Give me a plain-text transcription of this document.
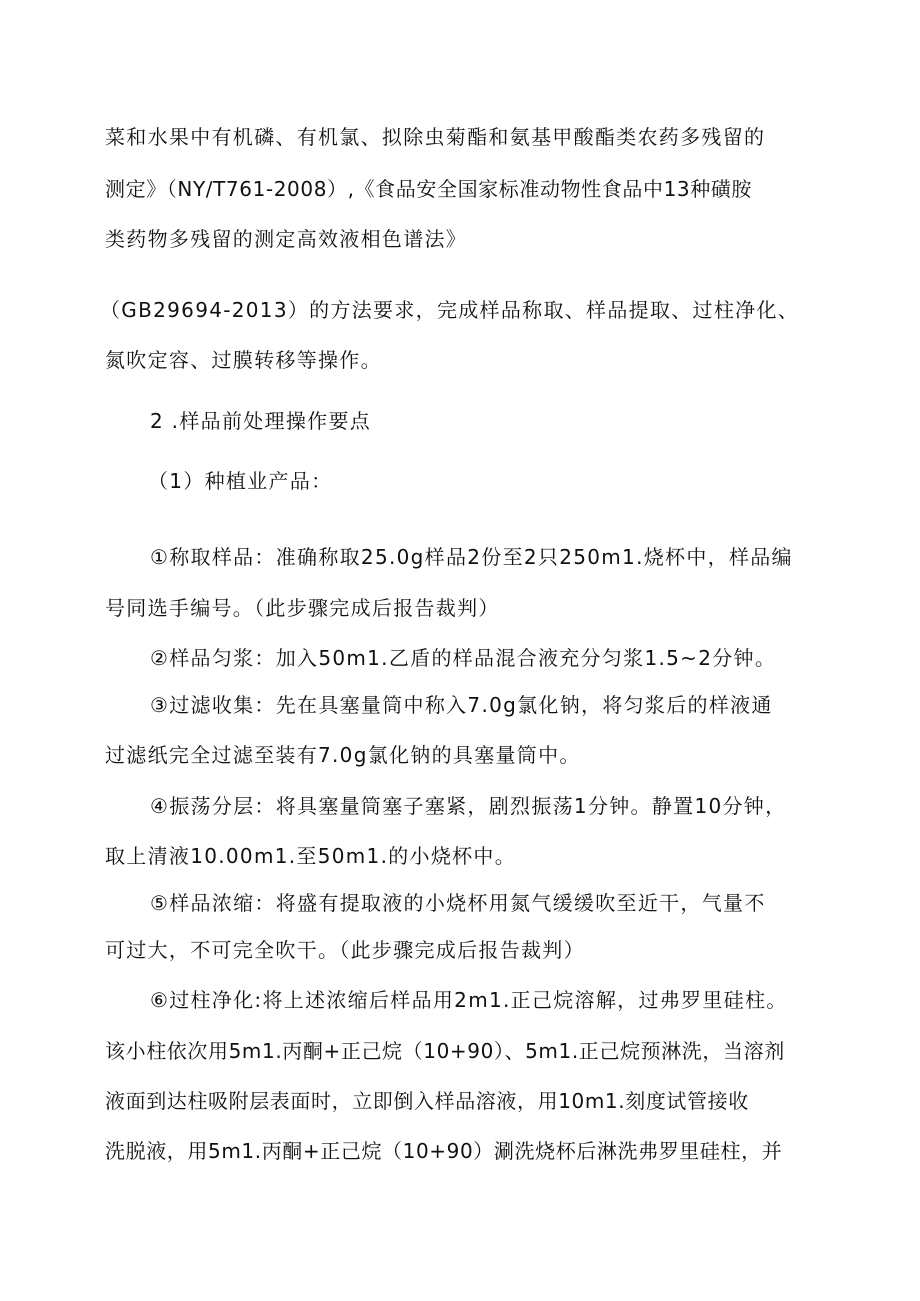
菜和水果中有机磷、有机氯、拟除虫菊酯和氨基甲酸酯类农药多残留的
测定》（NY/T761-2008）,《食品安全国家标准动物性食品中13种磺胺
类药物多残留的测定高效液相色谱法》
（GB29694-2013）的方法要求，完成样品称取、样品提取、过柱净化、
氮吹定容、过膜转移等操作。
2 .样品前处理操作要点
（1）种植业产品：
①称取样品：准确称取25.0g样品2份至2只250m1.烧杯中，样品编
号同选手编号。（此步骤完成后报告裁判）
②样品匀浆：加入50m1.乙盾的样品混合液充分匀浆1.5~2分钟。
③过滤收集：先在具塞量筒中称入7.0g氯化钠，将匀浆后的样液通
过滤纸完全过滤至装有7.0g氯化钠的具塞量筒中。
④振荡分层：将具塞量筒塞子塞紧，剧烈振荡1分钟。静置10分钟，
取上清液10.00m1.至50m1.的小烧杯中。
⑤样品浓缩：将盛有提取液的小烧杯用氮气缓缓吹至近干，气量不
可过大，不可完全吹干。（此步骤完成后报告裁判）
⑥过柱净化:将上述浓缩后样品用2m1.正己烷溶解，过弗罗里硅柱。
该小柱依次用5m1.丙酮+正己烷（10+90）、5m1.正己烷预淋洗，当溶剂
液面到达柱吸附层表面时，立即倒入样品溶液，用10m1.刻度试管接收
洗脱液，用5m1.丙酮+正己烷（10+90）涮洗烧杯后淋洗弗罗里硅柱，并
